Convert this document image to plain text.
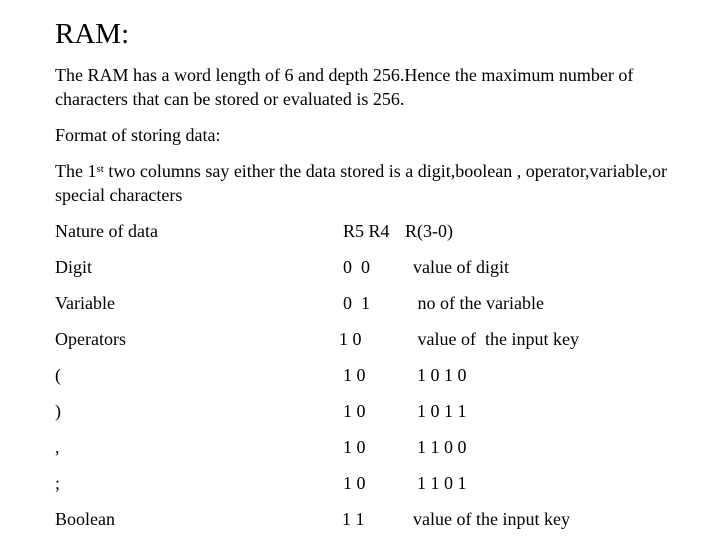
RAM:

The RAM has a word length of 6 and depth 256.Hence the maximum number of characters that can be stored or evaluated is 256.

Format of storing data:

The 1st two columns say either the data stored is a digit,boolean , operator,variable,or special characters

Nature of data	R5 R4 R(3-0)
Digit	0  0 value of digit
Variable	0  1 no of the variable
Operators	1 0	value of  the input key
(	1 0	1 0 1 0
)	1 0	1 0 1 1
,	1 0	1 1 0 0
;	1 0	1 1 0 1
Boolean	1 1	value of the input key
